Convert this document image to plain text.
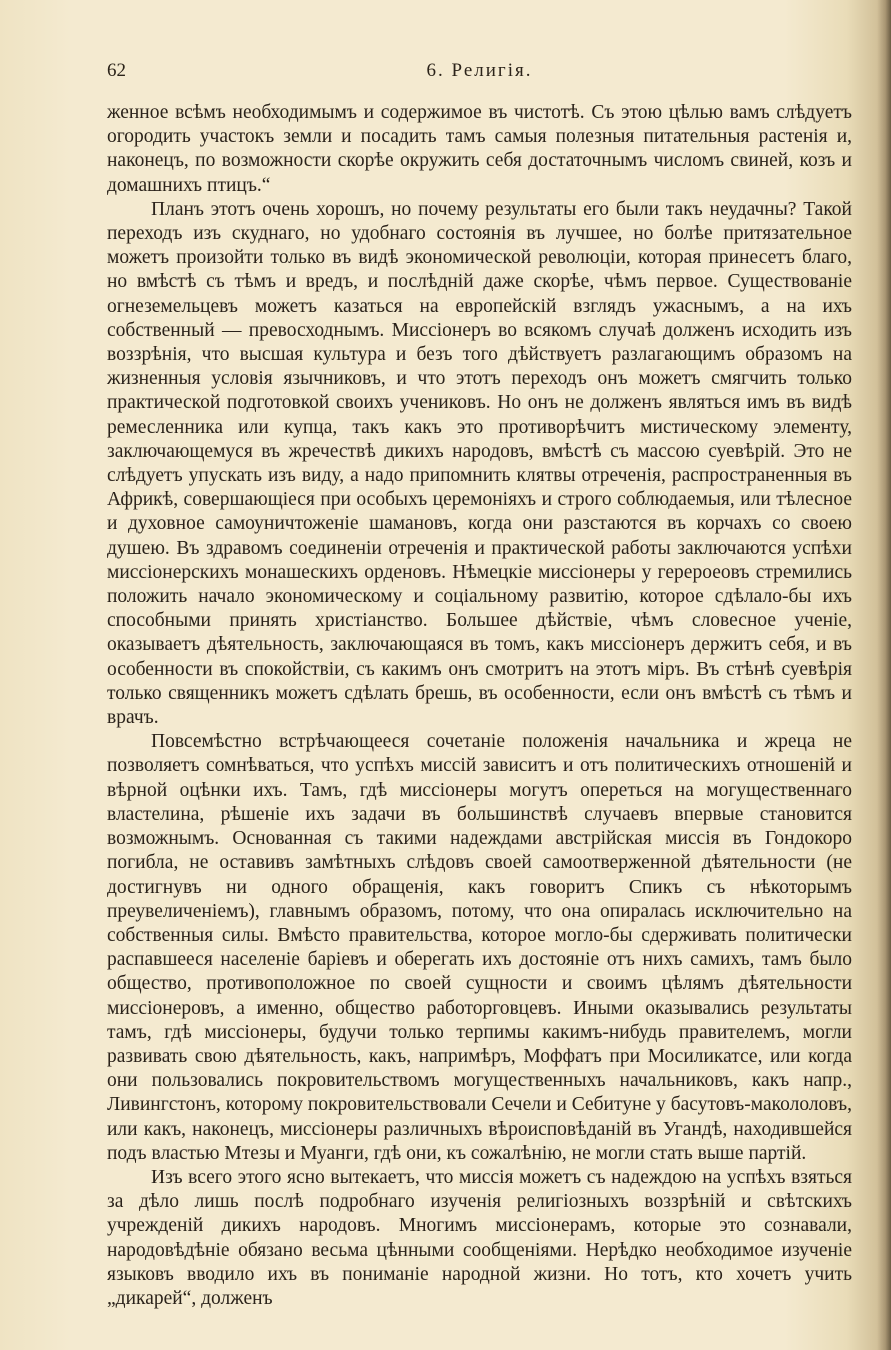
62	6. Религія.

женное всѣмъ необходимымъ и содержимое въ чистотѣ. Съ этою цѣлью вамъ слѣдуетъ огородить участокъ земли и посадить тамъ самыя полезныя питательныя растенія и, наконецъ, по возможности скорѣе окружить себя достаточнымъ числомъ свиней, козъ и домашнихъ птицъ.“

Планъ этотъ очень хорошъ, но почему результаты его были такъ неудачны? Такой переходъ изъ скуднаго, но удобнаго состоянія въ лучшее, но болѣе притязательное можетъ произойти только въ видѣ экономической революціи, которая принесетъ благо, но вмѣстѣ съ тѣмъ и вредъ, и послѣдній даже скорѣе, чѣмъ первое. Существованіе огнеземельцевъ можетъ казаться на европейскій взглядъ ужаснымъ, а на ихъ собственный — превосходнымъ. Миссіонеръ во всякомъ случаѣ долженъ исходить изъ воззрѣнія, что высшая культура и безъ того дѣйствуетъ разлагающимъ образомъ на жизненныя условія язычниковъ, и что этотъ переходъ онъ можетъ смягчить только практической подготовкой своихъ учениковъ. Но онъ не долженъ являться имъ въ видѣ ремесленника или купца, такъ какъ это противорѣчитъ мистическому элементу, заключающемуся въ жречествѣ дикихъ народовъ, вмѣстѣ съ массою суевѣрій. Это не слѣдуетъ упускать изъ виду, а надо припомнить клятвы отреченія, распространенныя въ Африкѣ, совершающіеся при особыхъ церемоніяхъ и строго соблюдаемыя, или тѣлесное и духовное самоуничтоженіе шамановъ, когда они разстаются въ корчахъ со своею душею. Въ здравомъ соединеніи отреченія и практической работы заключаются успѣхи миссіонерскихъ монашескихъ орденовъ. Нѣмецкіе миссіонеры у герероеовъ стремились положить начало экономическому и соціальному развитію, которое сдѣлало-бы ихъ способными принять христіанство. Большее дѣйствіе, чѣмъ словесное ученіе, оказываетъ дѣятельность, заключающаяся въ томъ, какъ миссіонеръ держитъ себя, и въ особенности въ спокойствіи, съ какимъ онъ смотритъ на этотъ міръ. Въ стѣнѣ суевѣрія только священникъ можетъ сдѣлать брешь, въ особенности, если онъ вмѣстѣ съ тѣмъ и врачъ.

Повсемѣстно встрѣчающееся сочетаніе положенія начальника и жреца не позволяетъ сомнѣваться, что успѣхъ миссій зависитъ и отъ политическихъ отношеній и вѣрной оцѣнки ихъ. Тамъ, гдѣ миссіонеры могутъ опереться на могущественнаго властелина, рѣшеніе ихъ задачи въ большинствѣ случаевъ впервые становится возможнымъ. Основанная съ такими надеждами австрійская миссія въ Гондокоро погибла, не оставивъ замѣтныхъ слѣдовъ своей самоотверженной дѣятельности (не достигнувъ ни одного обращенія, какъ говоритъ Спикъ съ нѣкоторымъ преувеличеніемъ), главнымъ образомъ, потому, что она опиралась исключительно на собственныя силы. Вмѣсто правительства, которое могло-бы сдерживать политически распавшееся населеніе баріевъ и оберегать ихъ достояніе отъ нихъ самихъ, тамъ было общество, противоположное по своей сущности и своимъ цѣлямъ дѣятельности миссіонеровъ, а именно, общество работорговцевъ. Иными оказывались результаты тамъ, гдѣ миссіонеры, будучи только терпимы какимъ-нибудь правителемъ, могли развивать свою дѣятельность, какъ, напримѣръ, Моффатъ при Мосиликатсе, или когда они пользовались покровительствомъ могущественныхъ начальниковъ, какъ напр., Ливингстонъ, которому покровительствовали Сечели и Себитуне у басутовъ-макололовъ, или какъ, наконецъ, миссіонеры различныхъ вѣроисповѣданій въ Угандѣ, находившейся подъ властью Мтезы и Муанги, гдѣ они, къ сожалѣнію, не могли стать выше партій.

Изъ всего этого ясно вытекаетъ, что миссія можетъ съ надеждою на успѣхъ взяться за дѣло лишь послѣ подробнаго изученія религіозныхъ воззрѣній и свѣтскихъ учрежденій дикихъ народовъ. Многимъ миссіонерамъ, которые это сознавали, народовѣдѣніе обязано весьма цѣнными сообщеніями. Нерѣдко необходимое изученіе языковъ вводило ихъ въ пониманіе народной жизни. Но тотъ, кто хочетъ учить „дикарей“, долженъ
